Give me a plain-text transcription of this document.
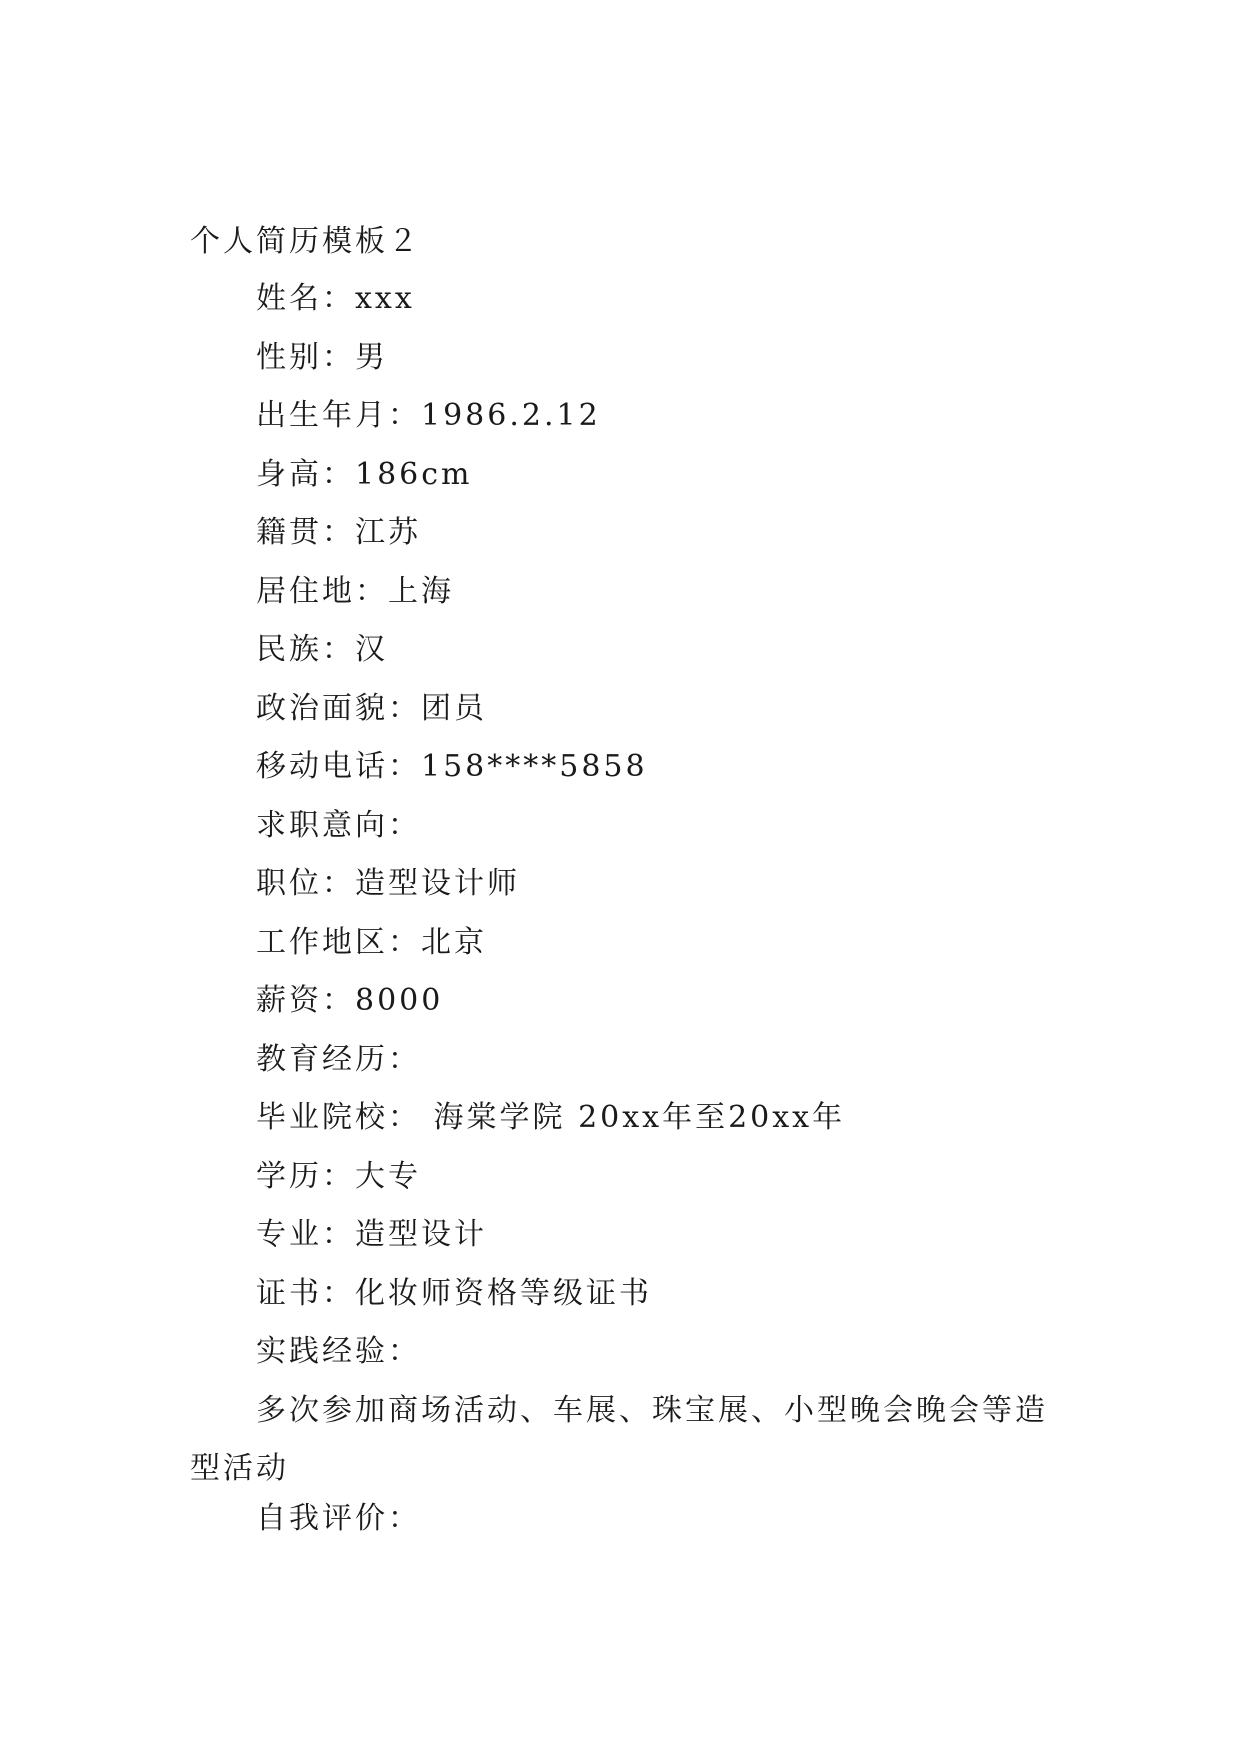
个人简历模板２
姓名：xxx
性别：男
出生年月：1986.2.12
身高：186cm
籍贯：江苏
居住地：上海
民族：汉
政治面貌：团员
移动电话：158****5858
求职意向：
职位：造型设计师
工作地区：北京
薪资：8000
教育经历：
毕业院校： 海棠学院 20xx年至20xx年
学历：大专
专业：造型设计
证书：化妆师资格等级证书
实践经验：
多次参加商场活动、车展、珠宝展、小型晚会晚会等造型活动
自我评价：
